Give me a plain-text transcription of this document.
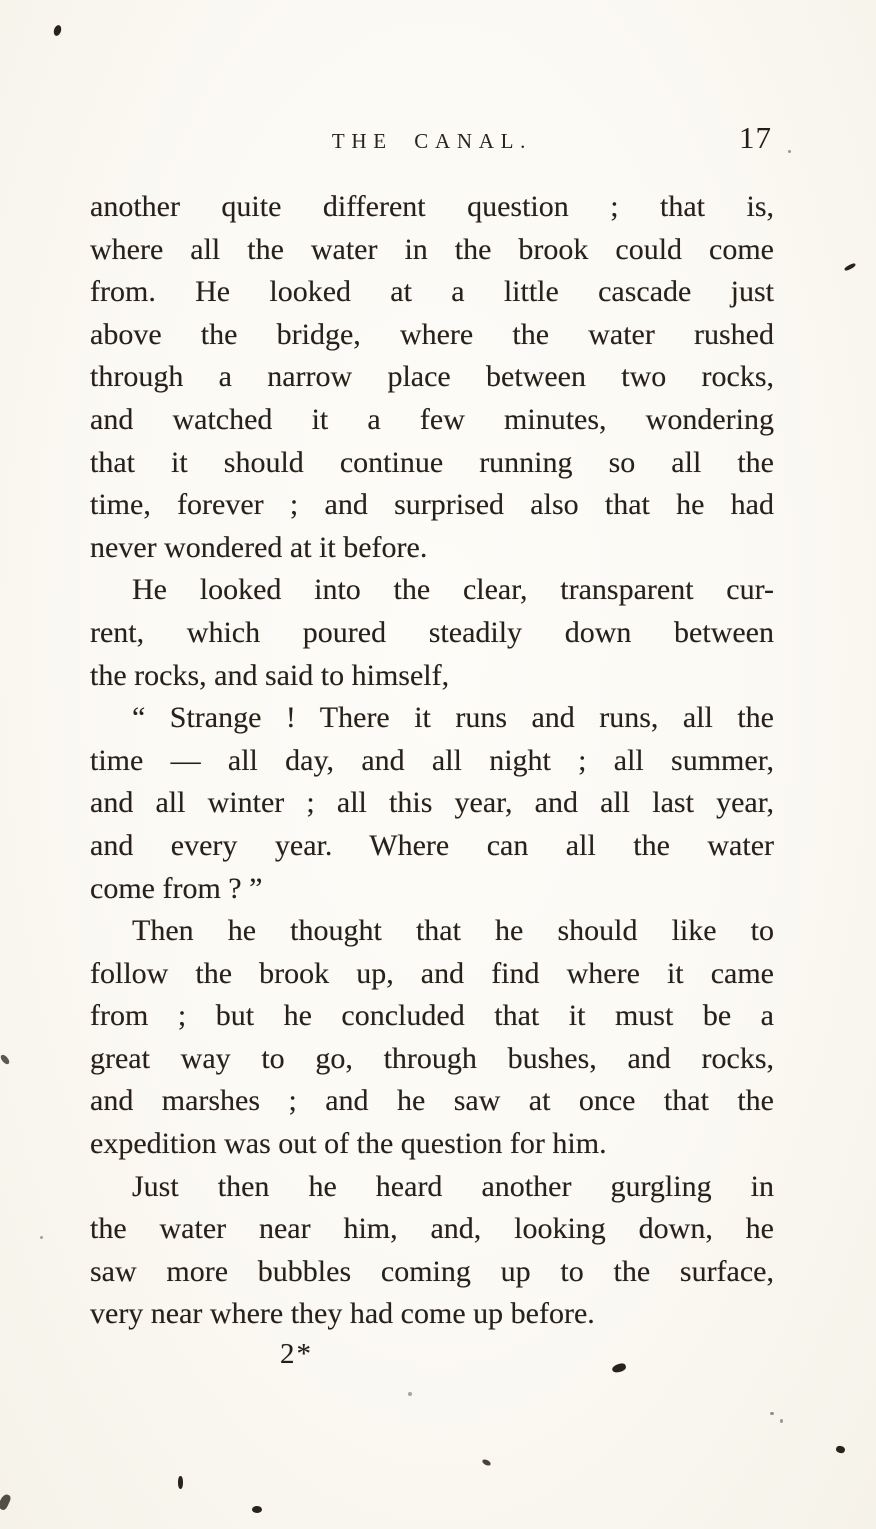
THE CANAL.	17
another quite different question ; that is,
where all the water in the brook could come
from. He looked at a little cascade just
above the bridge, where the water rushed
through a narrow place between two rocks,
and watched it a few minutes, wondering
that it should continue running so all the
time, forever ; and surprised also that he had
never wondered at it before.
He looked into the clear, transparent cur-
rent, which poured steadily down between
the rocks, and said to himself,
“ Strange ! There it runs and runs, all the
time — all day, and all night ; all summer,
and all winter ; all this year, and all last year,
and every year. Where can all the water
come from ? ”
Then he thought that he should like to
follow the brook up, and find where it came
from ; but he concluded that it must be a
great way to go, through bushes, and rocks,
and marshes ; and he saw at once that the
expedition was out of the question for him.
Just then he heard another gurgling in
the water near him, and, looking down, he
saw more bubbles coming up to the surface,
very near where they had come up before.
2*
